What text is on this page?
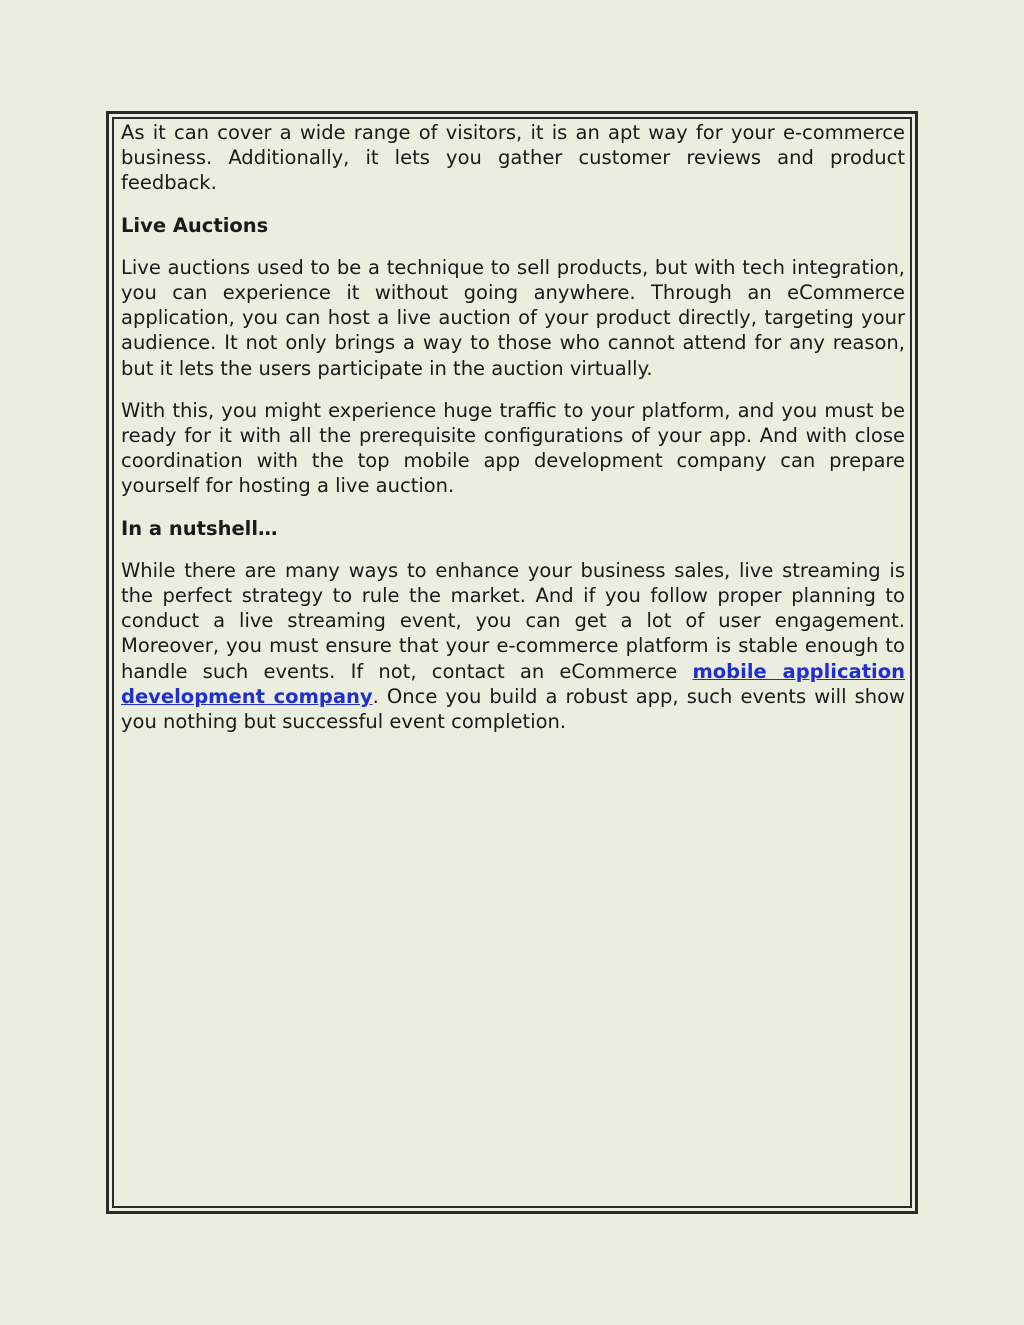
As it can cover a wide range of visitors, it is an apt way for your e-commerce business. Additionally, it lets you gather customer reviews and product feedback.

Live Auctions

Live auctions used to be a technique to sell products, but with tech integration, you can experience it without going anywhere. Through an eCommerce application, you can host a live auction of your product directly, targeting your audience. It not only brings a way to those who cannot attend for any reason, but it lets the users participate in the auction virtually.

With this, you might experience huge traffic to your platform, and you must be ready for it with all the prerequisite configurations of your app. And with close coordination with the top mobile app development company can prepare yourself for hosting a live auction.

In a nutshell…

While there are many ways to enhance your business sales, live streaming is the perfect strategy to rule the market. And if you follow proper planning to conduct a live streaming event, you can get a lot of user engagement. Moreover, you must ensure that your e-commerce platform is stable enough to handle such events. If not, contact an eCommerce mobile application development company. Once you build a robust app, such events will show you nothing but successful event completion.
